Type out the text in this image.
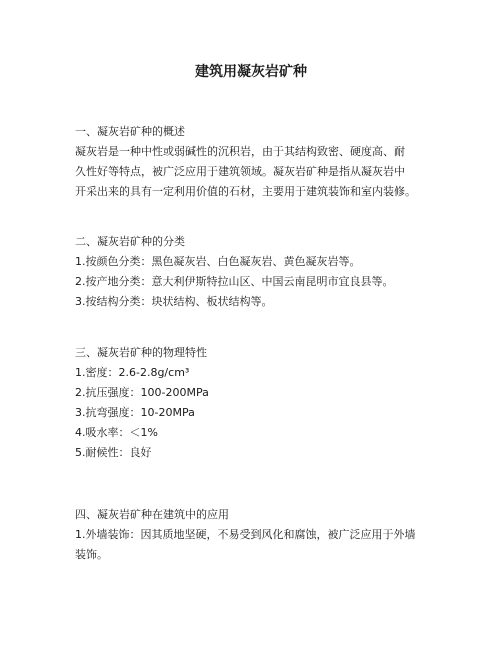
建筑用凝灰岩矿种

一、凝灰岩矿种的概述

凝灰岩是一种中性或弱碱性的沉积岩，由于其结构致密、硬度高、耐

久性好等特点，被广泛应用于建筑领域。凝灰岩矿种是指从凝灰岩中

开采出来的具有一定利用价值的石材，主要用于建筑装饰和室内装修。

二、凝灰岩矿种的分类

1.按颜色分类：黑色凝灰岩、白色凝灰岩、黄色凝灰岩等。

2.按产地分类：意大利伊斯特拉山区、中国云南昆明市宜良县等。

3.按结构分类：块状结构、板状结构等。

三、凝灰岩矿种的物理特性

1.密度：2.6-2.8g/cm³

2.抗压强度：100-200MPa

3.抗弯强度：10-20MPa

4.吸水率：＜1%

5.耐候性：良好

四、凝灰岩矿种在建筑中的应用

1.外墙装饰：因其质地坚硬，不易受到风化和腐蚀，被广泛应用于外墙

装饰。
